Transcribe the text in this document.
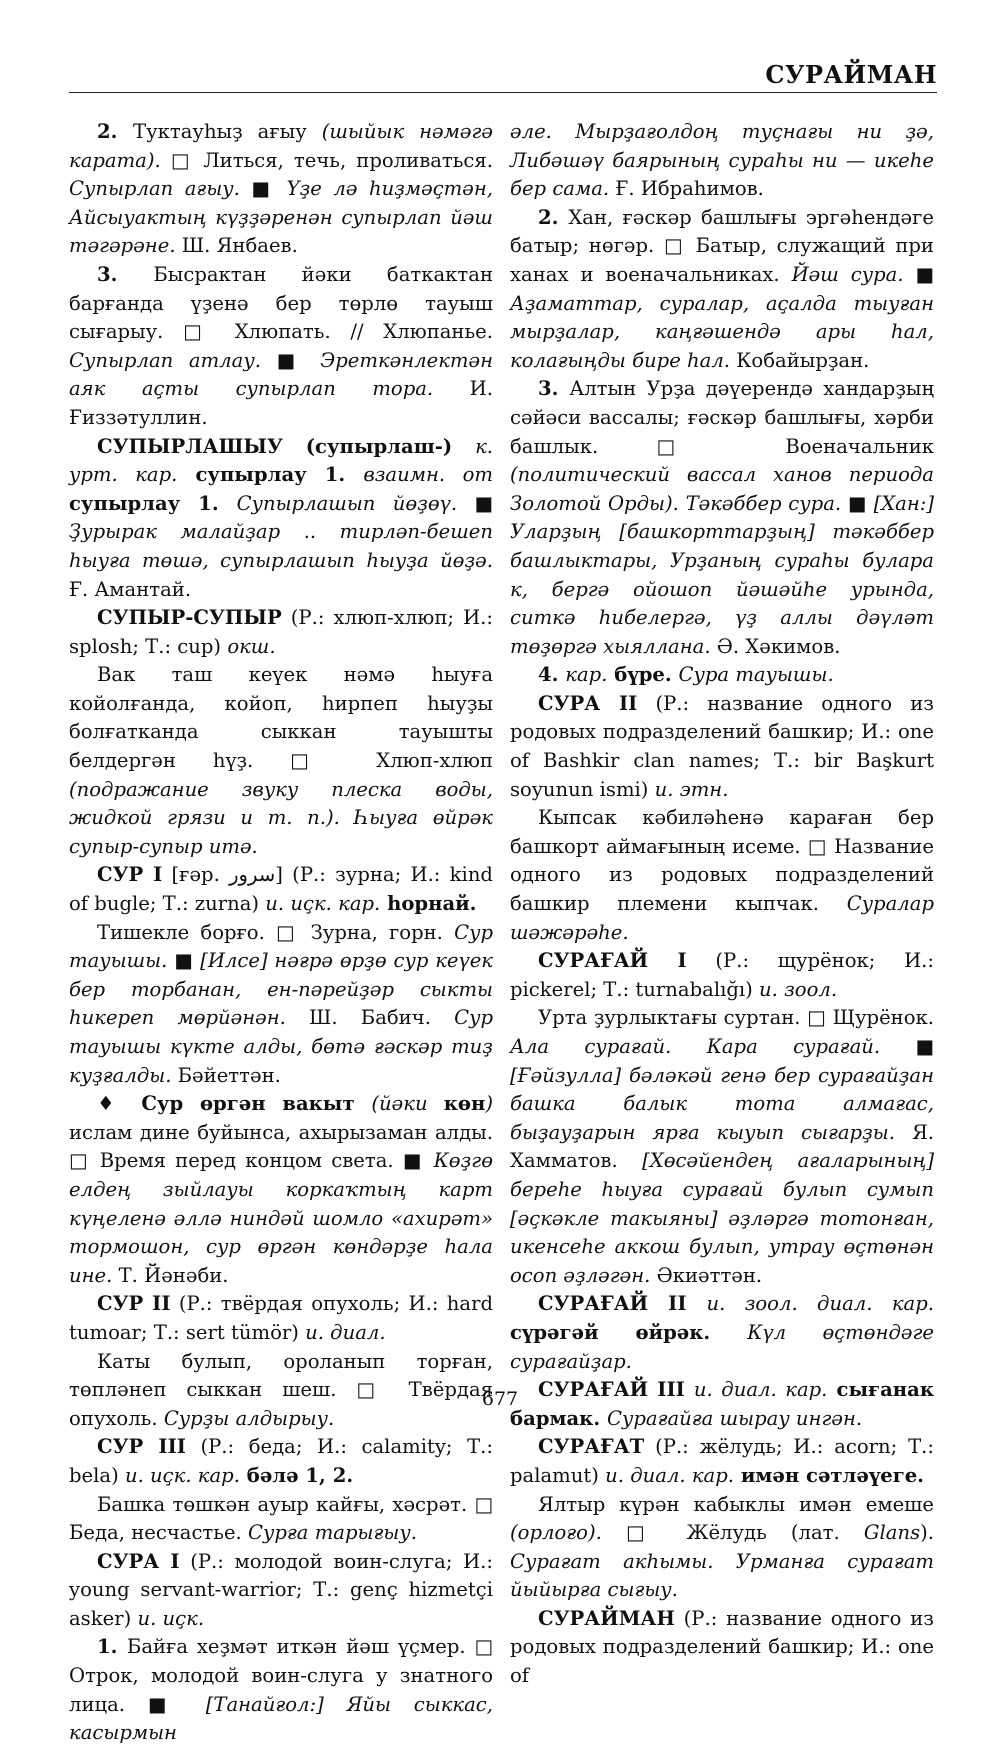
СУРАЙМАН

2. Туктауhыҙ ағыу (шыйык нәмәгә карата). □ Литься, течь, проливаться. Супырлап ағыу. ■ Үҙе лә hиҙмәҫтән, Айсыуактың күҙҙәренән супырлап йәш тәгәрәне. Ш. Янбаев.

3. Бысрактан йәки баткактан барғанда үҙенә бер төрлө тауыш сығарыу. □ Хлюпать. // Хлюпанье. Супырлап атлау. ■ Эреткәнлектән аяк аҫты супырлап тора. И. Ғиззәтуллин.

СУПЫРЛАШЫУ (супырлаш-) к. урт. кар. супырлау 1. взаимн. от супырлау 1. Супырлашып йөҙөү. ■ Ҙурырак малайҙар .. тирләп-бешеп hыуға төшә, супырлашып hыуҙа йөҙә. Ғ. Амантай.

СУПЫР-СУПЫР (Р.: хлюп-хлюп; И.: splosh; Т.: cup) окш.

Вак таш кеүек нәмә hыуға койолғанда, койоп, hирпеп hыуҙы болғатканда сыккан тауышты белдергән hүҙ. □ Хлюп-хлюп (подражание звуку плеска воды, жидкой грязи и т. п.). Һыуға өйрәк супыр-супыр итә.

СУР I [ғәр. سرور] (Р.: зурна; И.: kind of bugle; Т.: zurna) и. иҫк. кар. hорнай.

Тишекле борғо. □ Зурна, горн. Сур тауышы. ■ [Илсе] нәғрә өрҙө сур кеүек бер торбанан, ен-пәрейҙәр сыкты hикереп мөрйәнән. Ш. Бабич. Сур тауышы күкте алды, бөтә ғәскәр тиҙ куҙғалды. Бәйеттән.

♦ Сур өргән вакыт (йәки көн) ислам дине буйынса, ахырызаман алды. □ Время перед концом света. ■ Көҙгө елдең зыйлауы коркаҡтың карт күңеленә әллә ниндәй шомло «ахирәт» тормошон, сур өргән көндәрҙе hала ине. Т. Йәнәби.

СУР II (Р.: твёрдая опухоль; И.: hard tumoar; Т.: sert tümör) и. диал.

Каты булып, ороланып торған, төпләнеп сыккан шеш. □ Твёрдая опухоль. Сурҙы алдырыу.

СУР III (Р.: беда; И.: calamity; Т.: bela) и. иҫк. кар. бәлә 1, 2.

Башка төшкән ауыр кайғы, хәсрәт. □ Беда, несчастье. Сурға тарығыу.

СУРА I (Р.: молодой воин-слуга; И.: young servant-warrior; Т.: genç hizmetçi asker) и. иҫк.

1. Байға хеҙмәт иткән йәш үҫмер. □ Отрок, молодой воин-слуга у знатного лица. ■ [Танайғол:] Яйы сыккас, касырмын

әле. Мырҙағолдоң туҫнағы ни ҙә, Либәшәү баярының сураhы ни — икеhе бер сама. Ғ. Ибраhимов.

2. Хан, ғәскәр башлығы эргәhендәге батыр; нөгәр. □ Батыр, служащий при ханах и военачальниках. Йәш сура. ■ Аҙаматтар, суралар, аҫалда тыуған мырҙалар, каңғәшендә ары hал, колағыңды бире hал. Кобайырҙан.

3. Алтын Урҙа дәүерендә хандарҙың сәйәси вассалы; ғәскәр башлығы, хәрби башлык. □ Военачальник (политический вассал ханов периода Золотой Орды). Тәкәббер сура. ■ [Хан:] Уларҙың [башкорттарҙың] тәкәббер башлыктары, Урҙаның сураhы булара к, бергә ойошоп йәшәйhе урында, ситкә hибелергә, үҙ аллы дәүләт төҙөргә хыяллана. Ә. Хәкимов.

4. кар. бүре. Сура тауышы.

СУРА II (Р.: название одного из родовых подразделений башкир; И.: one of Bashkir clan names; Т.: bir Başkurt soyunun ismi) и. этн.

Кыпсак кәбиләhенә караған бер башкорт аймағының исеме. □ Название одного из родовых подразделений башкир племени кыпчак. Суралар шәжәрәhе.

СУРАҒАЙ I (Р.: щурёнок; И.: pickerel; Т.: turnabalığı) и. зоол.

Урта ҙурлыктағы суртан. □ Щурёнок. Ала сурағай. Кара сурағай. ■ [Ғәйзулла] бәләкәй генә бер сурағайҙан башка балык тота алмағас, быҙауҙарын ярға кыуып сығарҙы. Я. Хамматов. [Хөсәйендең ағаларының] береhе hыуға сурағай булып сумып [әҫкәкле такыяны] әҙләргә тотонған, икенсеhе аккош булып, утрау өҫтөнән осоп әҙләгән. Әкиәттән.

СУРАҒАЙ II и. зоол. диал. кар. сүрәгәй өйрәк. Күл өҫтөндәге сурағайҙар.

СУРАҒАЙ III и. диал. кар. сығанак бармак. Сурағайға шырау ингән.

СУРАҒАТ (Р.: жёлудь; И.: acorn; Т.: palamut) и. диал. кар. имән сәтләүеге.

Ялтыр күрән кабыклы имән емеше (орлоғо). □ Жёлудь (лат. Glans). Сурағат акhымы. Урманға сурағат йыйырға сығыу.

СУРАЙМАН (Р.: название одного из родовых подразделений башкир; И.: one of

677
